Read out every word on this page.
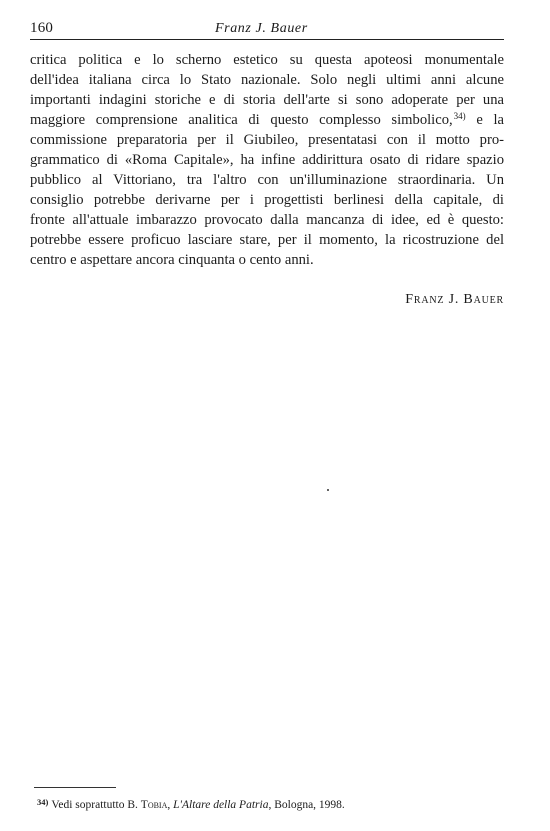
160	Franz J. Bauer
critica politica e lo scherno estetico su questa apoteosi monumentale
dell'idea italiana circa lo Stato nazionale. Solo negli ultimi anni alcune
importanti indagini storiche e di storia dell'arte si sono adoperate per una
maggiore comprensione analitica di questo complesso simbolico,$^{34)}$ e la
commissione preparatoria per il Giubileo, presentatasi con il motto pro-
grammatico di «Roma Capitale», ha infine addirittura osato di ridare spazio
pubblico al Vittoriano, tra l'altro con un'illuminazione straordinaria. Un
consiglio potrebbe derivarne per i progettisti berlinesi della capitale, di
fronte all'attuale imbarazzo provocato dalla mancanza di idee, ed è questo:
potrebbe essere proficuo lasciare stare, per il momento, la ricostruzione del
centro e aspettare ancora cinquanta o cento anni.
Franz J. Bauer
$^{34)}$ Vedi soprattutto B. Tobia, L'Altare della Patria, Bologna, 1998.
